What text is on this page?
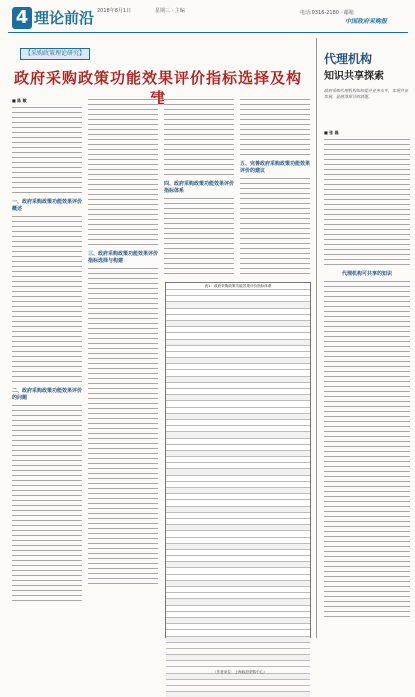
4 理论前沿 2018年8月1日	星期三 · 主编	电话:0316-2180 · 邮箱
中国政府采购报
【采购政策理论研究】
政府采购政策功能效果评价指标选择及构
■ 陈 敏
一、政府采购政策功能效果评价概述
二、政府采购政策功能效果评价的问题
三、政府采购政策功能效果评价指标选择与构建
四、政府采购政策功能效果评价指标体系
五、完善政府采购政策功能效果评价的建议
表1：政府采购政策功能效果评价指标体系
（作者单位：上海政府采购中心）
代理机构
知识共享探索
政府采购代理机构如何提升业务水平，实现共享发展，是值得探讨的话题。
■ 张 磊
代理机构可共享的知识
